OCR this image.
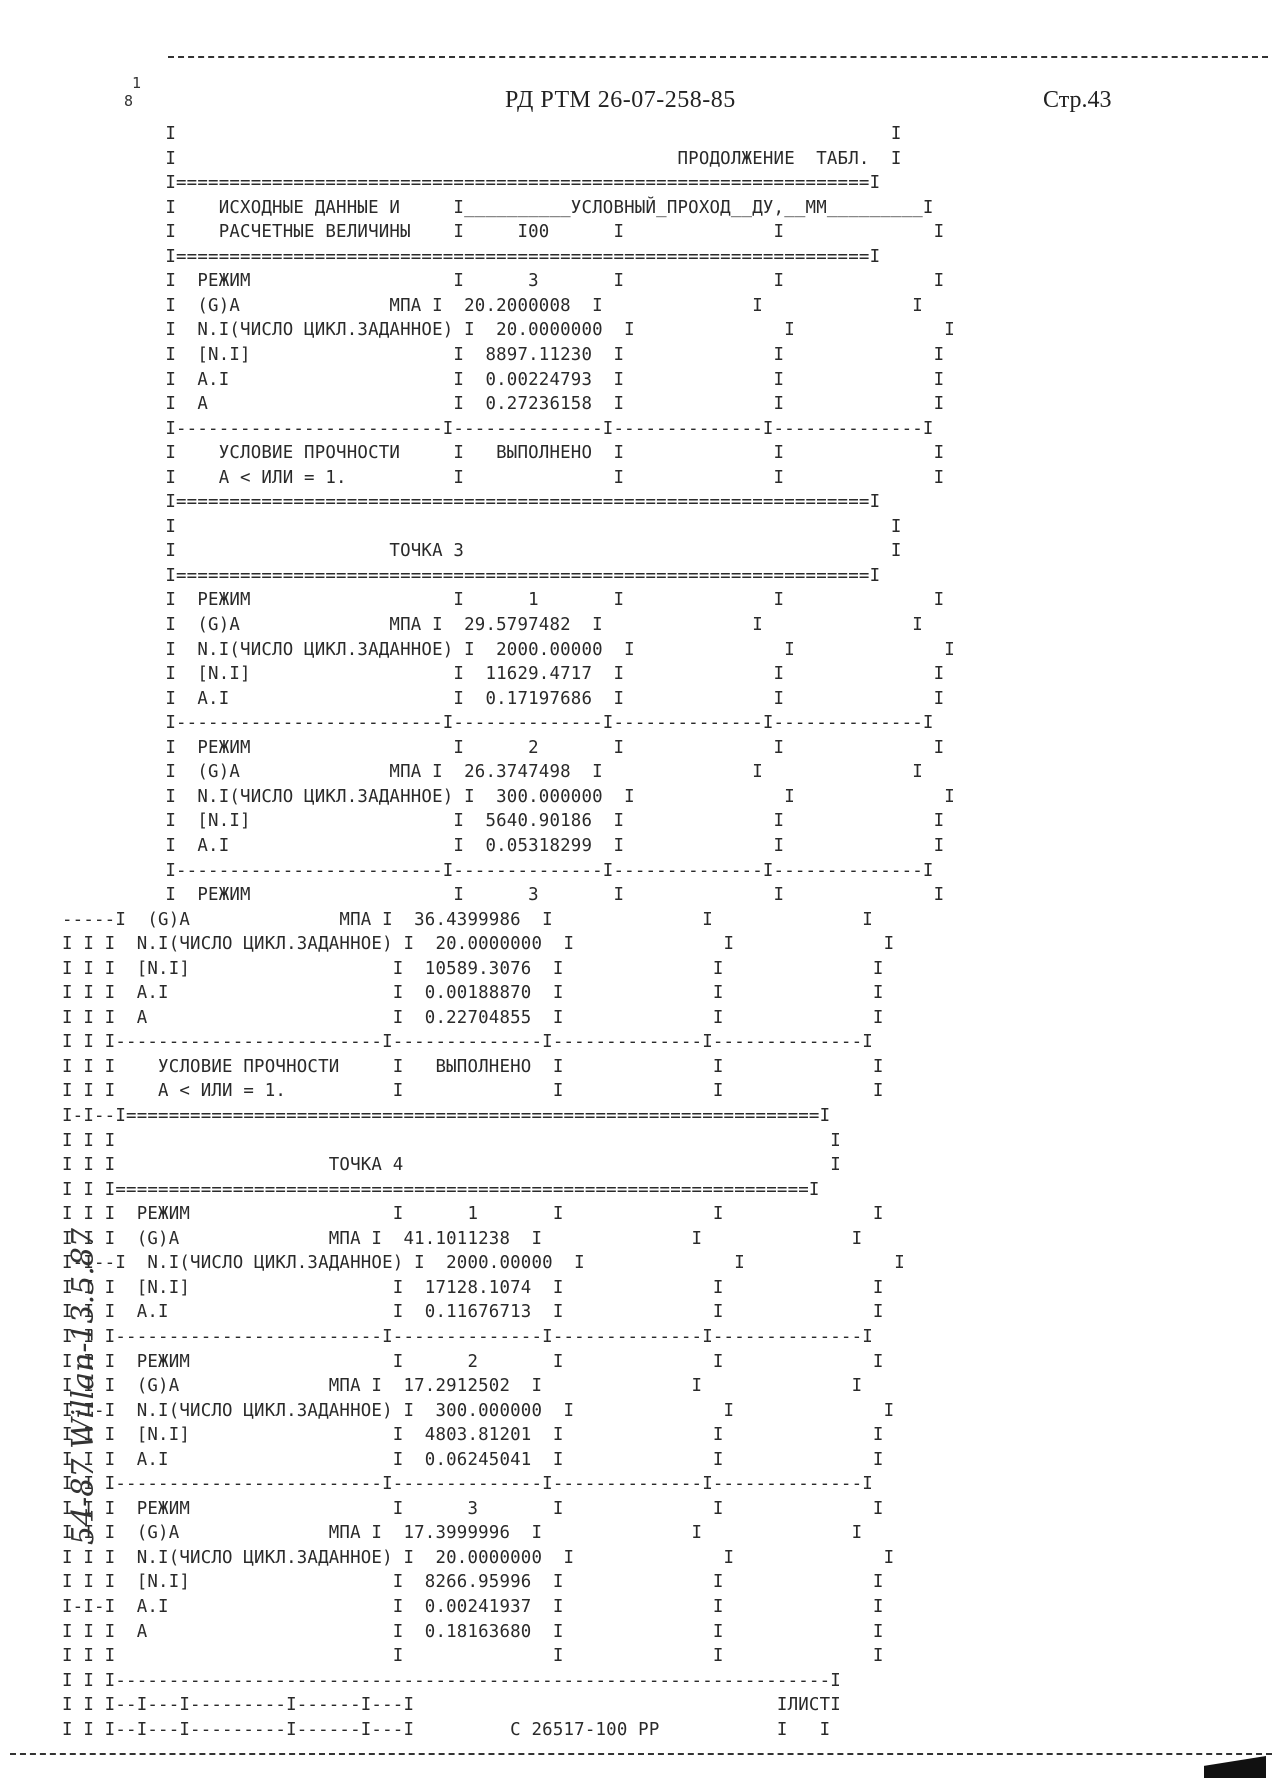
1
8	РД РТМ 26-07-258-85	Стр.43
I                                                                   I
I                                               ПРОДОЛЖЕНИЕ  ТАБЛ.  I
I=================================================================I
I    ИСХОДНЫЕ ДАННЫЕ И     I__________УСЛОВНЫЙ_ПРОХОД__ДУ,__ММ_________I
I    РАСЧЕТНЫЕ ВЕЛИЧИНЫ    I     I00      I              I              I
I=================================================================I
I  РЕЖИМ                   I      3       I              I              I
I  (G)A              МПА I  20.2000008  I              I              I
I  N.I(ЧИСЛО ЦИКЛ.ЗАДАННОЕ) I  20.0000000  I              I              I
I  [N.I]                   I  8897.11230  I              I              I
I  A.I                     I  0.00224793  I              I              I
I  A                       I  0.27236158  I              I              I
I-------------------------I--------------I--------------I--------------I
I    УСЛОВИЕ ПРОЧНОСТИ     I   ВЫПОЛНЕНО  I              I              I
I    A < ИЛИ = 1.          I              I              I              I
I=================================================================I
I                                                                   I
I                    ТОЧКА 3                                        I
I=================================================================I
I  РЕЖИМ                   I      1       I              I              I
I  (G)A              МПА I  29.5797482  I              I              I
I  N.I(ЧИСЛО ЦИКЛ.ЗАДАННОЕ) I  2000.00000  I              I              I
I  [N.I]                   I  11629.4717  I              I              I
I  A.I                     I  0.17197686  I              I              I
I-------------------------I--------------I--------------I--------------I
I  РЕЖИМ                   I      2       I              I              I
I  (G)A              МПА I  26.3747498  I              I              I
I  N.I(ЧИСЛО ЦИКЛ.ЗАДАННОЕ) I  300.000000  I              I              I
I  [N.I]                   I  5640.90186  I              I              I
I  A.I                     I  0.05318299  I              I              I
I-------------------------I--------------I--------------I--------------I
I  РЕЖИМ                   I      3       I              I              I
-----I  (G)A              МПА I  36.4399986  I              I              I
I I I  N.I(ЧИСЛО ЦИКЛ.ЗАДАННОЕ) I  20.0000000  I              I              I
I I I  [N.I]                   I  10589.3076  I              I              I
I I I  A.I                     I  0.00188870  I              I              I
I I I  A                       I  0.22704855  I              I              I
I I I-------------------------I--------------I--------------I--------------I
I I I    УСЛОВИЕ ПРОЧНОСТИ     I   ВЫПОЛНЕНО  I              I              I
I I I    A < ИЛИ = 1.          I              I              I              I
I-I--I=================================================================I
I I I                                                                   I
I I I                    ТОЧКА 4                                        I
I I I=================================================================I
I I I  РЕЖИМ                   I      1       I              I              I
I I I  (G)A              МПА I  41.1011238  I              I              I
I-I--I  N.I(ЧИСЛО ЦИКЛ.ЗАДАННОЕ) I  2000.00000  I              I              I
I I I  [N.I]                   I  17128.1074  I              I              I
I I I  A.I                     I  0.11676713  I              I              I
I I I-------------------------I--------------I--------------I--------------I
I I I  РЕЖИМ                   I      2       I              I              I
I I I  (G)A              МПА I  17.2912502  I              I              I
I-I-I  N.I(ЧИСЛО ЦИКЛ.ЗАДАННОЕ) I  300.000000  I              I              I
I I I  [N.I]                   I  4803.81201  I              I              I
I I I  A.I                     I  0.06245041  I              I              I
I I I-------------------------I--------------I--------------I--------------I
I I I  РЕЖИМ                   I      3       I              I              I
I I I  (G)A              МПА I  17.3999996  I              I              I
I I I  N.I(ЧИСЛО ЦИКЛ.ЗАДАННОЕ) I  20.0000000  I              I              I
I I I  [N.I]                   I  8266.95996  I              I              I
I-I-I  A.I                     I  0.00241937  I              I              I
I I I  A                       I  0.18163680  I              I              I
I I I                          I              I              I              I
I I I-------------------------------------------------------------------I
I I I--I---I---------I------I---I                                  IЛИСТI
I I I--I---I---------I------I---I         С 26517-100 РР           I   I
54-87 Willan-13.5.87
